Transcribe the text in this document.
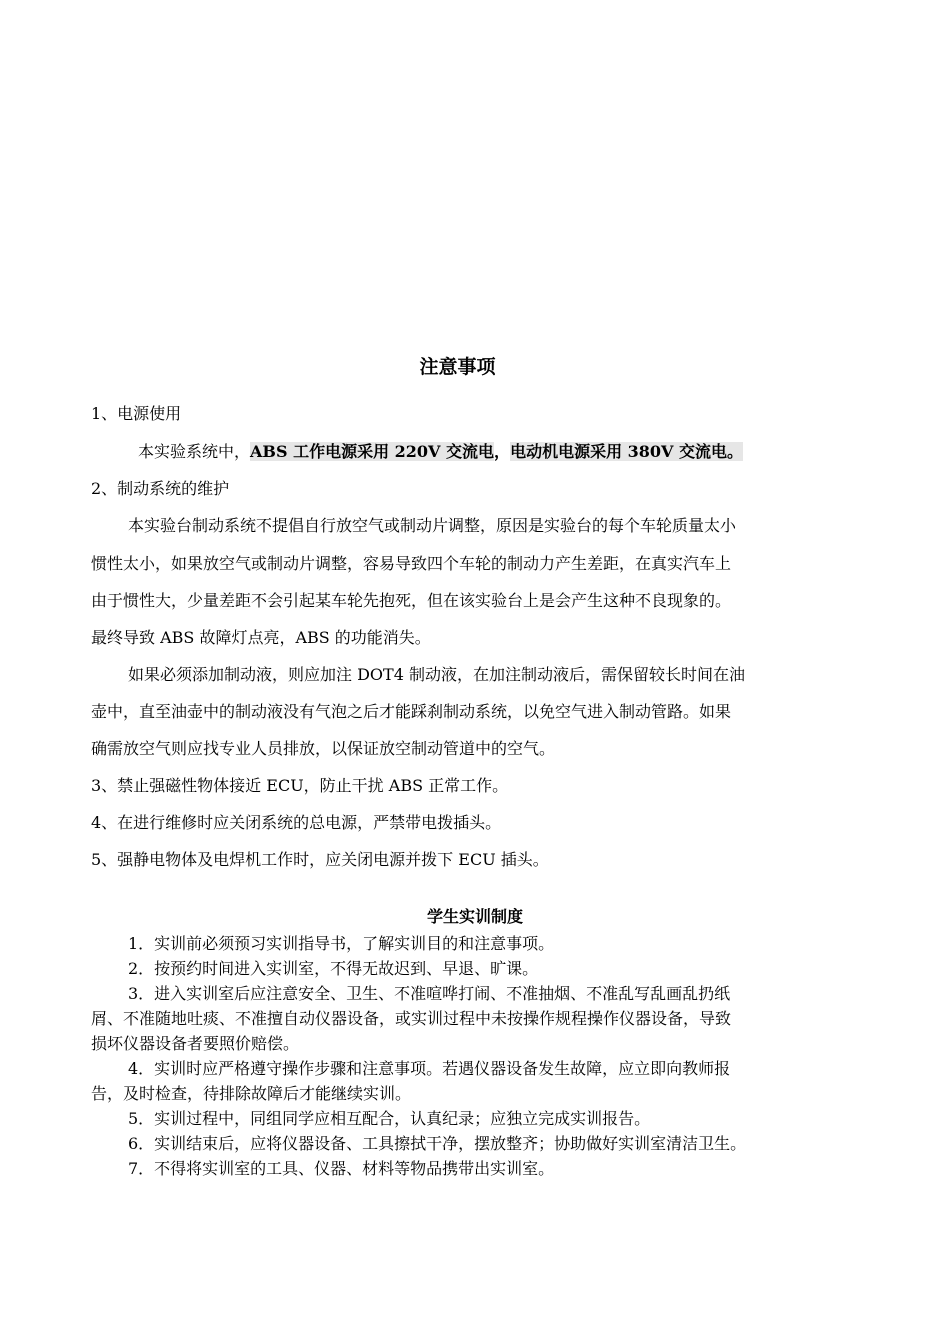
注意事项
1、电源使用
本实验系统中，ABS 工作电源采用 220V 交流电，电动机电源采用 380V 交流电。
2、制动系统的维护
本实验台制动系统不提倡自行放空气或制动片调整，原因是实验台的每个车轮质量太小
惯性太小，如果放空气或制动片调整，容易导致四个车轮的制动力产生差距，在真实汽车上
由于惯性大，少量差距不会引起某车轮先抱死，但在该实验台上是会产生这种不良现象的。
最终导致 ABS 故障灯点亮，ABS 的功能消失。
如果必须添加制动液，则应加注 DOT4 制动液，在加注制动液后，需保留较长时间在油
壶中，直至油壶中的制动液没有气泡之后才能踩刹制动系统，以免空气进入制动管路。如果
确需放空气则应找专业人员排放，以保证放空制动管道中的空气。
3、禁止强磁性物体接近 ECU，防止干扰 ABS 正常工作。
4、在进行维修时应关闭系统的总电源，严禁带电拨插头。
5、强静电物体及电焊机工作时，应关闭电源并拨下 ECU 插头。
学生实训制度
1．实训前必须预习实训指导书，了解实训目的和注意事项。
2．按预约时间进入实训室，不得无故迟到、早退、旷课。
3．进入实训室后应注意安全、卫生、不准喧哗打闹、不准抽烟、不准乱写乱画乱扔纸
屑、不准随地吐痰、不准擅自动仪器设备，或实训过程中未按操作规程操作仪器设备，导致
损坏仪器设备者要照价赔偿。
4．实训时应严格遵守操作步骤和注意事项。若遇仪器设备发生故障，应立即向教师报
告，及时检查，待排除故障后才能继续实训。
5．实训过程中，同组同学应相互配合，认真纪录；应独立完成实训报告。
6．实训结束后，应将仪器设备、工具擦拭干净，摆放整齐；协助做好实训室清洁卫生。
7．不得将实训室的工具、仪器、材料等物品携带出实训室。
